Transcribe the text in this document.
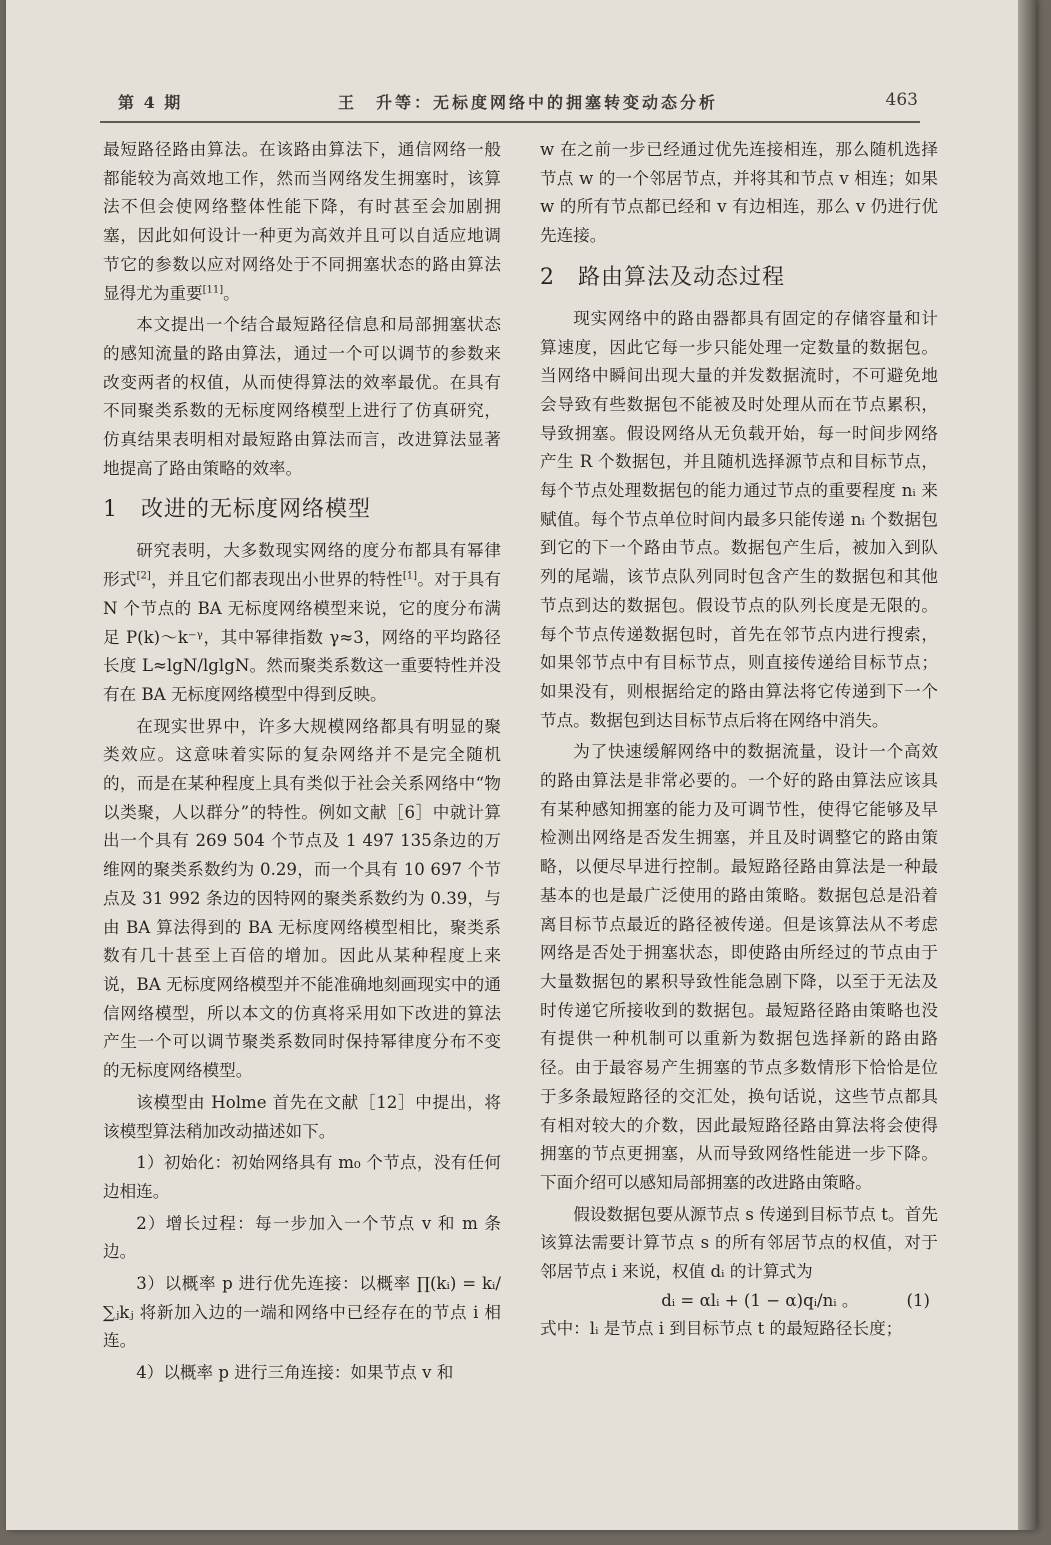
第 4 期	王　升等：无标度网络中的拥塞转变动态分析	463

最短路径路由算法。在该路由算法下，通信网络一般都能较为高效地工作，然而当网络发生拥塞时，该算法不但会使网络整体性能下降，有时甚至会加剧拥塞，因此如何设计一种更为高效并且可以自适应地调节它的参数以应对网络处于不同拥塞状态的路由算法显得尤为重要[11]。

本文提出一个结合最短路径信息和局部拥塞状态的感知流量的路由算法，通过一个可以调节的参数来改变两者的权值，从而使得算法的效率最优。在具有不同聚类系数的无标度网络模型上进行了仿真研究，仿真结果表明相对最短路由算法而言，改进算法显著地提高了路由策略的效率。

1 改进的无标度网络模型

研究表明，大多数现实网络的度分布都具有幂律形式[2]，并且它们都表现出小世界的特性[1]。对于具有 N 个节点的 BA 无标度网络模型来说，它的度分布满足 P(k)～k⁻ᵞ，其中幂律指数 γ≈3，网络的平均路径长度 L≈lgN/lglgN。然而聚类系数这一重要特性并没有在 BA 无标度网络模型中得到反映。

在现实世界中，许多大规模网络都具有明显的聚类效应。这意味着实际的复杂网络并不是完全随机的，而是在某种程度上具有类似于社会关系网络中“物以类聚，人以群分”的特性。例如文献［6］中就计算出一个具有 269 504 个节点及 1 497 135条边的万维网的聚类系数约为 0.29，而一个具有 10 697 个节点及 31 992 条边的因特网的聚类系数约为 0.39，与由 BA 算法得到的 BA 无标度网络模型相比，聚类系数有几十甚至上百倍的增加。因此从某种程度上来说，BA 无标度网络模型并不能准确地刻画现实中的通信网络模型，所以本文的仿真将采用如下改进的算法产生一个可以调节聚类系数同时保持幂律度分布不变的无标度网络模型。

该模型由 Holme 首先在文献［12］中提出，将该模型算法稍加改动描述如下。

1）初始化：初始网络具有 m₀ 个节点，没有任何边相连。

2）增长过程：每一步加入一个节点 v 和 m 条边。

3）以概率 p 进行优先连接：以概率 ∏(kᵢ) = kᵢ/∑ⱼkⱼ 将新加入边的一端和网络中已经存在的节点 i 相连。

4）以概率 p 进行三角连接：如果节点 v 和

w 在之前一步已经通过优先连接相连，那么随机选择节点 w 的一个邻居节点，并将其和节点 v 相连；如果 w 的所有节点都已经和 v 有边相连，那么 v 仍进行优先连接。

2 路由算法及动态过程

现实网络中的路由器都具有固定的存储容量和计算速度，因此它每一步只能处理一定数量的数据包。当网络中瞬间出现大量的并发数据流时，不可避免地会导致有些数据包不能被及时处理从而在节点累积，导致拥塞。假设网络从无负载开始，每一时间步网络产生 R 个数据包，并且随机选择源节点和目标节点，每个节点处理数据包的能力通过节点的重要程度 nᵢ 来赋值。每个节点单位时间内最多只能传递 nᵢ 个数据包到它的下一个路由节点。数据包产生后，被加入到队列的尾端，该节点队列同时包含产生的数据包和其他节点到达的数据包。假设节点的队列长度是无限的。每个节点传递数据包时，首先在邻节点内进行搜索，如果邻节点中有目标节点，则直接传递给目标节点；如果没有，则根据给定的路由算法将它传递到下一个节点。数据包到达目标节点后将在网络中消失。

为了快速缓解网络中的数据流量，设计一个高效的路由算法是非常必要的。一个好的路由算法应该具有某种感知拥塞的能力及可调节性，使得它能够及早检测出网络是否发生拥塞，并且及时调整它的路由策略，以便尽早进行控制。最短路径路由算法是一种最基本的也是最广泛使用的路由策略。数据包总是沿着离目标节点最近的路径被传递。但是该算法从不考虑网络是否处于拥塞状态，即使路由所经过的节点由于大量数据包的累积导致性能急剧下降，以至于无法及时传递它所接收到的数据包。最短路径路由策略也没有提供一种机制可以重新为数据包选择新的路由路径。由于最容易产生拥塞的节点多数情形下恰恰是位于多条最短路径的交汇处，换句话说，这些节点都具有相对较大的介数，因此最短路径路由算法将会使得拥塞的节点更拥塞，从而导致网络性能进一步下降。下面介绍可以感知局部拥塞的改进路由策略。

假设数据包要从源节点 s 传递到目标节点 t。首先该算法需要计算节点 s 的所有邻居节点的权值，对于邻居节点 i 来说，权值 dᵢ 的计算式为

dᵢ = αlᵢ + (1 − α)qᵢ/nᵢ 。	(1)

式中：lᵢ 是节点 i 到目标节点 t 的最短路径长度；
